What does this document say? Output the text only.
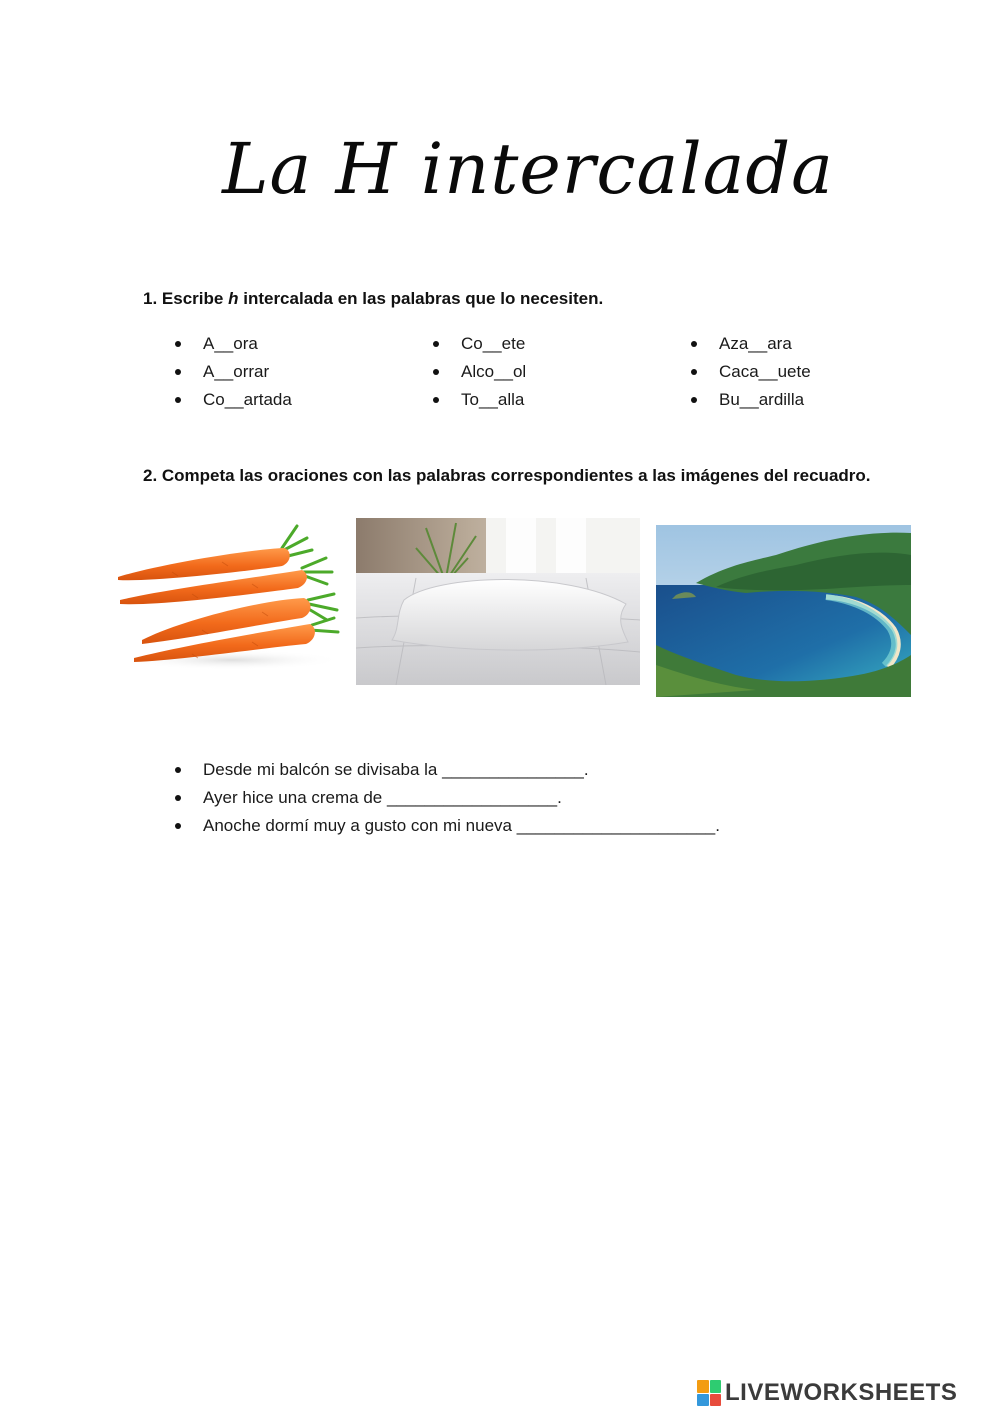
La H intercalada
1. Escribe h intercalada en las palabras que lo necesiten.
A__ora
A__orrar
Co__artada
Co__ete
Alco__ol
To__alla
Aza__ara
Caca__uete
Bu__ardilla
2. Competa las oraciones con las palabras correspondientes a las imágenes del recuadro.
Desde mi balcón se divisaba la _______________.
Ayer hice una crema de __________________.
Anoche dormí muy a gusto con mi nueva _____________________.
LIVEWORKSHEETS
